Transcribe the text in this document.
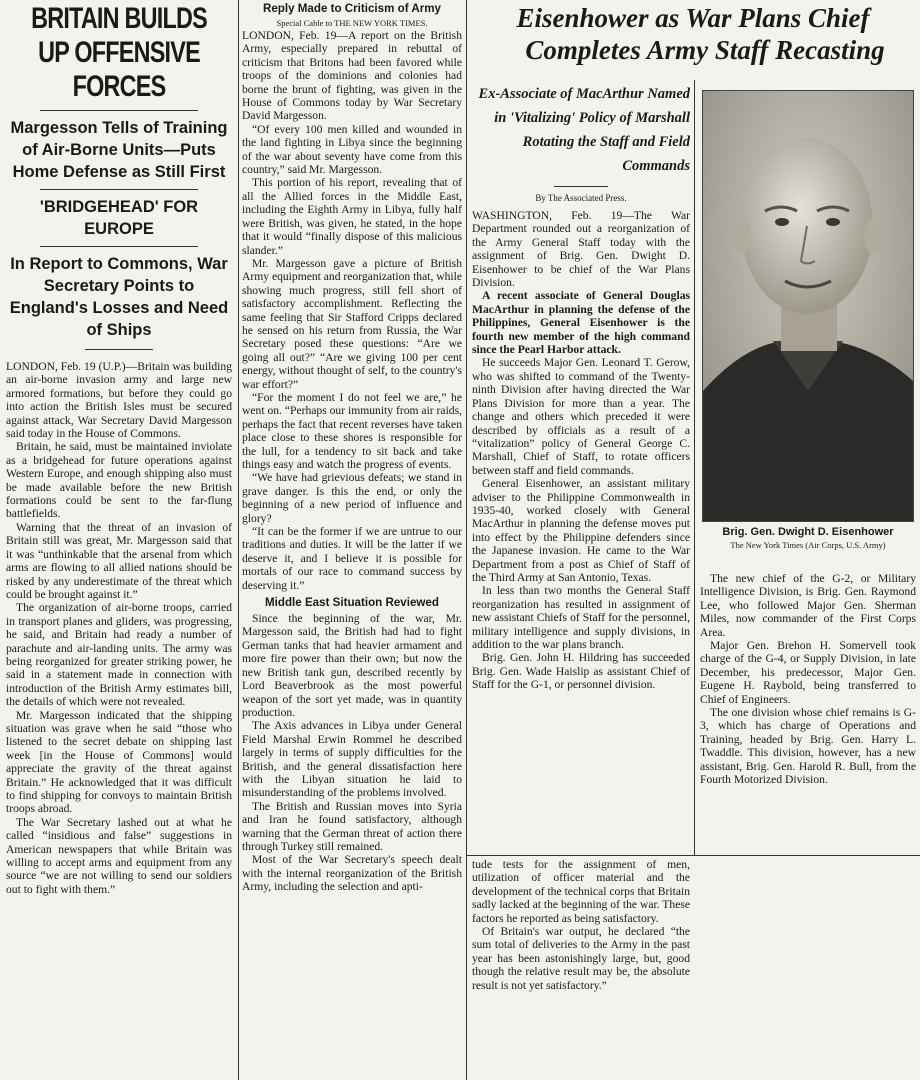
BRITAIN BUILDS UP OFFENSIVE FORCES
Margesson Tells of Training of Air-Borne Units—Puts Home Defense as Still First
'BRIDGEHEAD' FOR EUROPE
In Report to Commons, War Secretary Points to England's Losses and Need of Ships

LONDON, Feb. 19 (U.P.)—Britain was building an air-borne invasion army and large new armored formations, but before they could go into action the British Isles must be secured against attack, War Secretary David Margesson said today in the House of Commons.

Britain, he said, must be maintained inviolate as a bridgehead for future operations against Western Europe, and enough shipping also must be made available before the new British formations could be sent to the far-flung battlefields.

Warning that the threat of an invasion of Britain still was great, Mr. Margesson said that it was “unthinkable that the arsenal from which arms are flowing to all allied nations should be risked by any underestimate of the threat which could be brought against it.”

The organization of air-borne troops, carried in transport planes and gliders, was progressing, he said, and Britain had ready a number of parachute and air-landing units. The army was being reorganized for greater striking power, he said in a statement made in connection with introduction of the British Army estimates bill, the details of which were not revealed.

Mr. Margesson indicated that the shipping situation was grave when he said “those who listened to the secret debate on shipping last week [in the House of Commons] would appreciate the gravity of the threat against Britain.” He acknowledged that it was difficult to find shipping for convoys to maintain British troops abroad.

The War Secretary lashed out at what he called “insidious and false” suggestions in American newspapers that while Britain was willing to accept arms and equipment from any source “we are not willing to send our soldiers out to fight with them.”

Reply Made to Criticism of Army
Special Cable to THE NEW YORK TIMES.

LONDON, Feb. 19—A report on the British Army, especially prepared in rebuttal of criticism that Britons had been favored while troops of the dominions and colonies had borne the brunt of fighting, was given in the House of Commons today by War Secretary David Margesson.

“Of every 100 men killed and wounded in the land fighting in Libya since the beginning of the war about seventy have come from this country,” said Mr. Margesson.

This portion of his report, revealing that of all the Allied forces in the Middle East, including the Eighth Army in Libya, fully half were British, was given, he stated, in the hope that it would “finally dispose of this malicious slander.”

Mr. Margesson gave a picture of British Army equipment and reorganization that, while showing much progress, still fell short of satisfactory accomplishment. Reflecting the same feeling that Sir Stafford Cripps declared he sensed on his return from Russia, the War Secretary posed these questions: “Are we going all out?” “Are we giving 100 per cent energy, without thought of self, to the country's war effort?”

“For the moment I do not feel we are,” he went on. “Perhaps our immunity from air raids, perhaps the fact that recent reverses have taken place close to these shores is responsible for the lull, for a tendency to sit back and take things easy and watch the progress of events.

“We have had grievious defeats; we stand in grave danger. Is this the end, or only the beginning of a new period of influence and glory?

“It can be the former if we are untrue to our traditions and duties. It will be the latter if we deserve it, and I believe it is possible for mortals of our race to command success by deserving it.”

Middle East Situation Reviewed

Since the beginning of the war, Mr. Margesson said, the British had had to fight German tanks that had heavier armament and more fire power than their own; but now the new British tank gun, described recently by Lord Beaverbrook as the most powerful weapon of the sort yet made, was in quantity production.

The Axis advances in Libya under General Field Marshal Erwin Rommel he described largely in terms of supply difficulties for the British, and the general dissatisfaction here with the Libyan situation he laid to misunderstanding of the problems involved.

The British and Russian moves into Syria and Iran he found satisfactory, although warning that the German threat of action there through Turkey still remained.

Most of the War Secretary's speech dealt with the internal reorganization of the British Army, including the selection and apti-

Eisenhower as War Plans Chief
Completes Army Staff Recasting
Ex-Associate of MacArthur Named in 'Vitalizing' Policy of Marshall Rotating the Staff and Field Commands
By The Associated Press.

WASHINGTON, Feb. 19—The War Department rounded out a reorganization of the Army General Staff today with the assignment of Brig. Gen. Dwight D. Eisenhower to be chief of the War Plans Division.

A recent associate of General Douglas MacArthur in planning the defense of the Philippines, General Eisenhower is the fourth new member of the high command since the Pearl Harbor attack.

He succeeds Major Gen. Leonard T. Gerow, who was shifted to command of the Twenty-ninth Division after having directed the War Plans Division for more than a year. The change and others which preceded it were described by officials as a result of a “vitalization” policy of General George C. Marshall, Chief of Staff, to rotate officers between staff and field commands.

General Eisenhower, an assistant military adviser to the Philippine Commonwealth in 1935-40, worked closely with General MacArthur in planning the defense moves put into effect by the Philippine defenders since the Japanese invasion. He came to the War Department from a post as Chief of Staff of the Third Army at San Antonio, Texas.

In less than two months the General Staff reorganization has resulted in assignment of new assistant Chiefs of Staff for the personnel, military intelligence and supply divisions, in addition to the war plans branch.

Brig. Gen. John H. Hildring has succeeded Brig. Gen. Wade Haislip as assistant Chief of Staff for the G-1, or personnel division.

Brig. Gen. Dwight D. Eisenhower
The New York Times (Air Corps, U.S. Army)

The new chief of the G-2, or Military Intelligence Division, is Brig. Gen. Raymond Lee, who followed Major Gen. Sherman Miles, now commander of the First Corps Area.

Major Gen. Brehon H. Somervell took charge of the G-4, or Supply Division, in late December, his predecessor, Major Gen. Eugene H. Raybold, being transferred to Chief of Engineers.

The one division whose chief remains is G-3, which has charge of Operations and Training, headed by Brig. Gen. Harry L. Twaddle. This division, however, has a new assistant, Brig. Gen. Harold R. Bull, from the Fourth Motorized Division.

tude tests for the assignment of men, utilization of officer material and the development of the technical corps that Britain sadly lacked at the beginning of the war. These factors he reported as being satisfactory.

Of Britain's war output, he declared “the sum total of deliveries to the Army in the past year has been astonishingly large, but, good though the relative result may be, the absolute result is not yet satisfactory.”
